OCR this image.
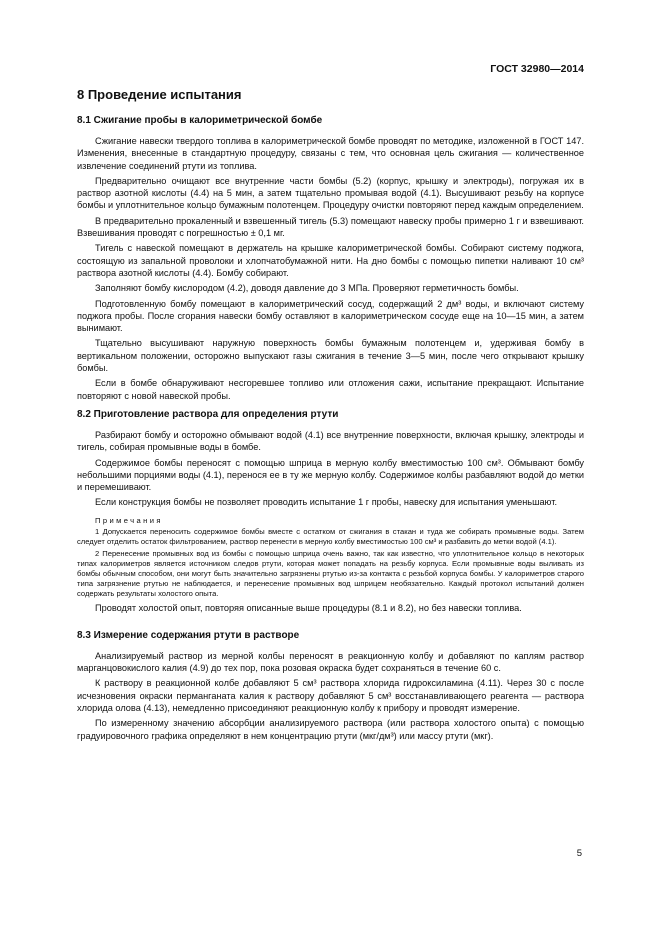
ГОСТ 32980—2014

8 Проведение испытания
8.1 Сжигание пробы в калориметрической бомбе

Сжигание навески твердого топлива в калориметрической бомбе проводят по методике, изложенной в ГОСТ 147. Изменения, внесенные в стандартную процедуру, связаны с тем, что основная цель сжигания — количественное извлечение соединений ртути из топлива.

Предварительно очищают все внутренние части бомбы (5.2) (корпус, крышку и электроды), погружая их в раствор азотной кислоты (4.4) на 5 мин, а затем тщательно промывая водой (4.1). Высушивают резьбу на корпусе бомбы и уплотнительное кольцо бумажным полотенцем. Процедуру очистки повторяют перед каждым определением.

В предварительно прокаленный и взвешенный тигель (5.3) помещают навеску пробы примерно 1 г и взвешивают. Взвешивания проводят с погрешностью ± 0,1 мг.

Тигель с навеской помещают в держатель на крышке калориметрической бомбы. Собирают систему поджога, состоящую из запальной проволоки и хлопчатобумажной нити. На дно бомбы с помощью пипетки наливают 10 см³ раствора азотной кислоты (4.4). Бомбу собирают.

Заполняют бомбу кислородом (4.2), доводя давление до 3 МПа. Проверяют герметичность бомбы.

Подготовленную бомбу помещают в калориметрический сосуд, содержащий 2 дм³ воды, и включают систему поджога пробы. После сгорания навески бомбу оставляют в калориметрическом сосуде еще на 10—15 мин, а затем вынимают.

Тщательно высушивают наружную поверхность бомбы бумажным полотенцем и, удерживая бомбу в вертикальном положении, осторожно выпускают газы сжигания в течение 3—5 мин, после чего открывают крышку бомбы.

Если в бомбе обнаруживают несгоревшее топливо или отложения сажи, испытание прекращают. Испытание повторяют с новой навеской пробы.

8.2 Приготовление раствора для определения ртути

Разбирают бомбу и осторожно обмывают водой (4.1) все внутренние поверхности, включая крышку, электроды и тигель, собирая промывные воды в бомбе.

Содержимое бомбы переносят с помощью шприца в мерную колбу вместимостью 100 см³. Обмывают бомбу небольшими порциями воды (4.1), перенося ее в ту же мерную колбу. Содержимое колбы разбавляют водой до метки и перемешивают.

Если конструкция бомбы не позволяет проводить испытание 1 г пробы, навеску для испытания уменьшают.

Примечания

1 Допускается переносить содержимое бомбы вместе с остатком от сжигания в стакан и туда же собирать промывные воды. Затем следует отделить остаток фильтрованием, раствор перенести в мерную колбу вместимостью 100 см³ и разбавить до метки водой (4.1).

2 Перенесение промывных вод из бомбы с помощью шприца очень важно, так как известно, что уплотнительное кольцо в некоторых типах калориметров является источником следов ртути, которая может попадать на резьбу корпуса. Если промывные воды выливать из бомбы обычным способом, они могут быть значительно загрязнены ртутью из-за контакта с резьбой корпуса бомбы. У калориметров старого типа загрязнение ртутью не наблюдается, и перенесение промывных вод шприцем необязательно. Каждый протокол испытаний должен содержать результаты холостого опыта.

Проводят холостой опыт, повторяя описанные выше процедуры (8.1 и 8.2), но без навески топлива.

8.3 Измерение содержания ртути в растворе

Анализируемый раствор из мерной колбы переносят в реакционную колбу и добавляют по каплям раствор марганцовокислого калия (4.9) до тех пор, пока розовая окраска будет сохраняться в течение 60 с.

К раствору в реакционной колбе добавляют 5 см³ раствора хлорида гидроксиламина (4.11). Через 30 с после исчезновения окраски перманганата калия к раствору добавляют 5 см³ восстанавливающего реагента — раствора хлорида олова (4.13), немедленно присоединяют реакционную колбу к прибору и проводят измерение.

По измеренному значению абсорбции анализируемого раствора (или раствора холостого опыта) с помощью градуировочного графика определяют в нем концентрацию ртути (мкг/дм³) или массу ртути (мкг).

5
